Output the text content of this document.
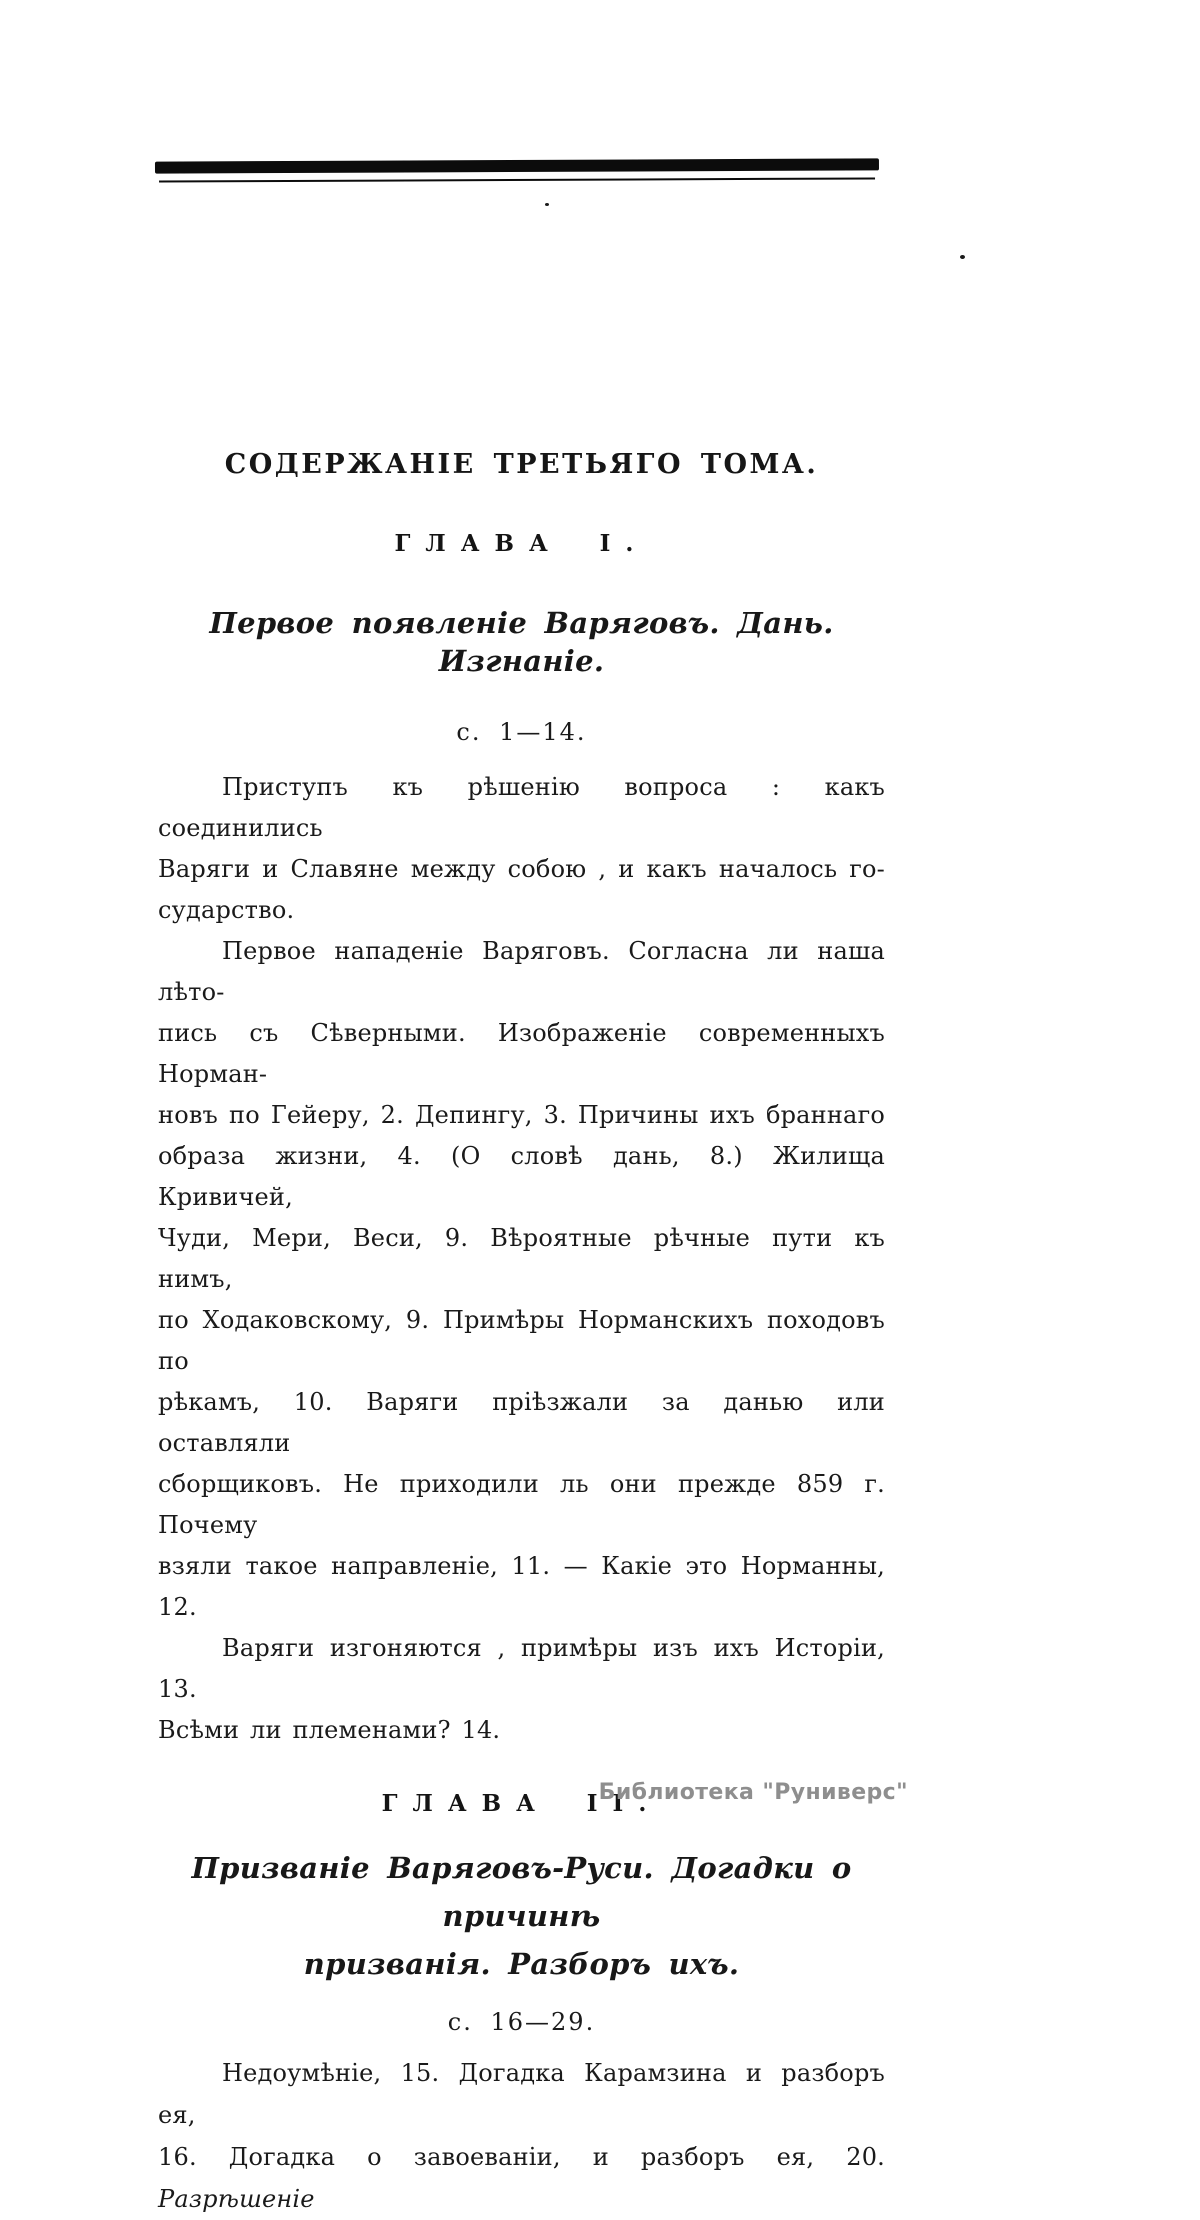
СОДЕРЖАНІЕ ТРЕТЬЯГО ТОМА.
ГЛАВА I.
Первое появленіе Варяговъ. Дань. Изгнаніе.
с. 1—14.
Приступъ къ рѣшенію вопроса : какъ соединились
Варяги и Славяне между собою , и какъ началось го-
сударство.
Первое нападеніе Варяговъ. Согласна ли наша лѣто-
пись съ Сѣверными. Изображеніе современныхъ Норман-
новъ по Гейеру, 2. Депингу, 3. Причины ихъ браннаго
образа жизни, 4. (О словѣ дань, 8.) Жилища Кривичей,
Чуди, Мери, Веси, 9. Вѣроятные рѣчные пути къ нимъ,
по Ходаковскому, 9. Примѣры Норманскихъ походовъ по
рѣкамъ, 10. Варяги пріѣзжали за данью или оставляли
сборщиковъ. Не приходили ль они прежде 859 г. Почему
взяли такое направленіе, 11. — Какіе это Норманны, 12.
Варяги изгоняются , примѣры изъ ихъ Исторіи, 13.
Всѣми ли племенами? 14.
ГЛАВА II.
Призваніе Варяговъ-Руси. Догадки о причинѣ
призванія. Разборъ ихъ.
с. 16—29.
Недоумѣніе, 15. Догадка Карамзина и разборъ ея,
16. Догадка о завоеваніи, и разборъ ея, 20. Разрѣшеніе
Библиотека "Руниверс"
